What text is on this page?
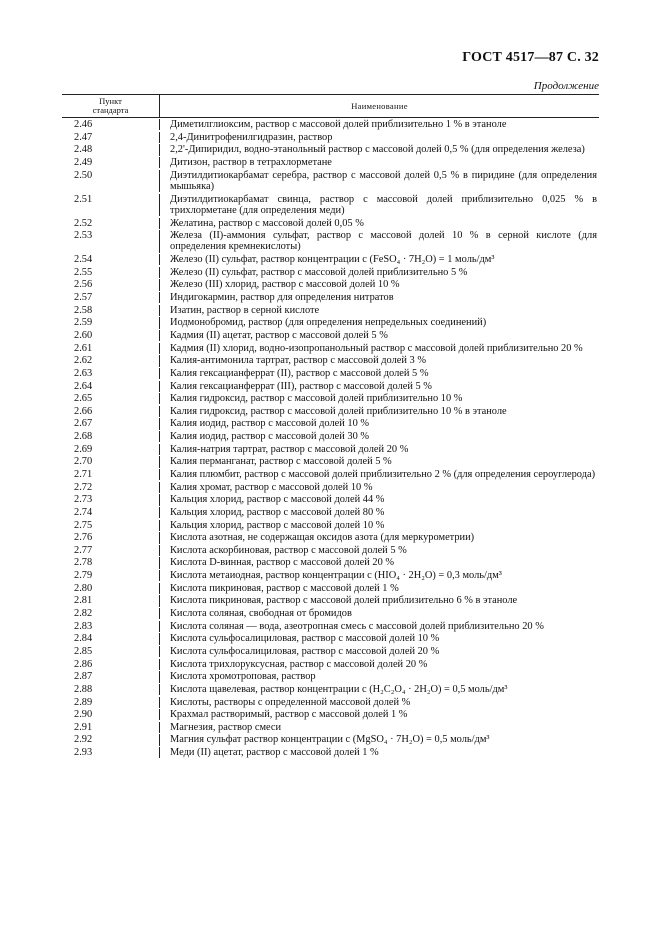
ГОСТ 4517—87 С. 32
Продолжение
Пункт
стандарта	Наименование
2.46	Диметилглиоксим, раствор с массовой долей приблизительно 1 % в этаноле
2.47	2,4-Динитрофенилгидразин, раствор
2.48	2,2'-Дипиридил, водно-этанольный раствор с массовой долей 0,5 % (для определения железа)
2.49	Дитизон, раствор в тетрахлорметане
2.50	Диэтилдитиокарбамат серебра, раствор с массовой долей 0,5 % в пиридине (для определения мышьяка)
2.51	Диэтилдитиокарбамат свинца, раствор с массовой долей приблизительно 0,025 % в трихлорметане (для определения меди)
2.52	Желатина, раствор с массовой долей 0,05 %
2.53	Железа (II)-аммония сульфат, раствор с массовой долей 10 % в серной кислоте (для определения кремнекислоты)
2.54	Железо (II) сульфат, раствор концентрации c (FeSO₄ · 7H₂O) = 1 моль/дм³
2.55	Железо (II) сульфат, раствор с массовой долей приблизительно 5 %
2.56	Железо (III) хлорид, раствор с массовой долей 10 %
2.57	Индигокармин, раствор для определения нитратов
2.58	Изатин, раствор в серной кислоте
2.59	Иодмонобромид, раствор (для определения непредельных соединений)
2.60	Кадмия (II) ацетат, раствор с массовой долей 5 %
2.61	Кадмия (II) хлорид, водно-изопропанольный раствор с массовой долей приблизительно 20 %
2.62	Калия-антимонила тартрат, раствор с массовой долей 3 %
2.63	Калия гексацианферрат (II), раствор с массовой долей 5 %
2.64	Калия гексацианферрат (III), раствор с массовой долей 5 %
2.65	Калия гидроксид, раствор с массовой долей приблизительно 10 %
2.66	Калия гидроксид, раствор с массовой долей приблизительно 10 % в этаноле
2.67	Калия иодид, раствор с массовой долей 10 %
2.68	Калия иодид, раствор с массовой долей 30 %
2.69	Калия-натрия тартрат, раствор с массовой долей 20 %
2.70	Калия перманганат, раствор с массовой долей 5 %
2.71	Калия плюмбит, раствор с массовой долей приблизительно 2 % (для определения сероуглерода)
2.72	Калия хромат, раствор с массовой долей 10 %
2.73	Кальция хлорид, раствор с массовой долей 44 %
2.74	Кальция хлорид, раствор с массовой долей 80 %
2.75	Кальция хлорид, раствор с массовой долей 10 %
2.76	Кислота азотная, не содержащая оксидов азота (для меркурометрии)
2.77	Кислота аскорбиновая, раствор с массовой долей 5 %
2.78	Кислота D-винная, раствор с массовой долей 20 %
2.79	Кислота метаиодная, раствор концентрации c (HIO₄ · 2H₂O) = 0,3 моль/дм³
2.80	Кислота пикриновая, раствор с массовой долей 1 %
2.81	Кислота пикриновая, раствор с массовой долей приблизительно 6 % в этаноле
2.82	Кислота соляная, свободная от бромидов
2.83	Кислота соляная — вода, азеотропная смесь с массовой долей приблизительно 20 %
2.84	Кислота сульфосалициловая, раствор с массовой долей 10 %
2.85	Кислота сульфосалициловая, раствор с массовой долей 20 %
2.86	Кислота трихлоруксусная, раствор с массовой долей 20 %
2.87	Кислота хромотроповая, раствор
2.88	Кислота щавелевая, раствор концентрации c (H₂C₂O₄ · 2H₂O) = 0,5 моль/дм³
2.89	Кислоты, растворы с определенной массовой долей %
2.90	Крахмал растворимый, раствор с массовой долей 1 %
2.91	Магнезия, раствор смеси
2.92	Магния сульфат раствор концентрации c (MgSO₄ · 7H₂O) = 0,5 моль/дм³
2.93	Меди (II) ацетат, раствор с массовой долей 1 %
